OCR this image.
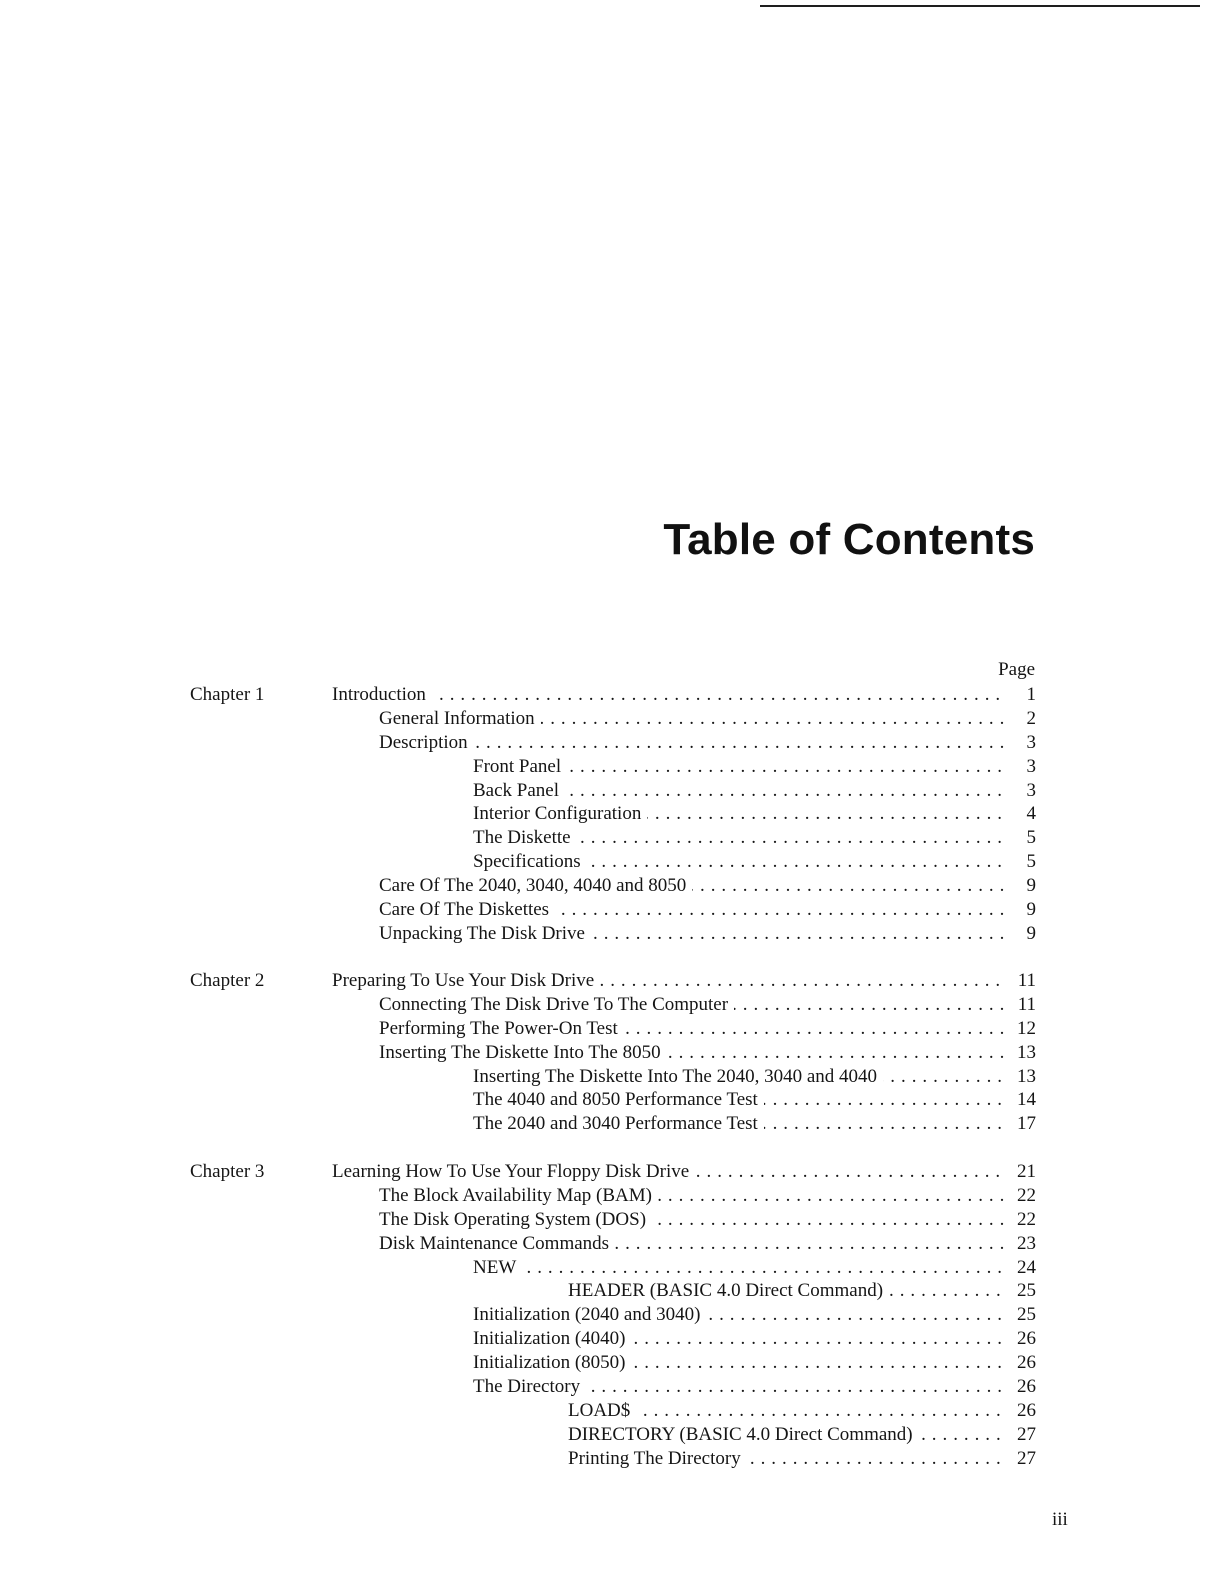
Table of Contents
Page
Chapter 1	Introduction . . .	1
General Information . . .	2
Description . . .	3
Front Panel . . .	3
Back Panel . . .	3
Interior Configuration . . .	4
The Diskette . . .	5
Specifications . . .	5
Care Of The 2040, 3040, 4040 and 8050 . . .	9
Care Of The Diskettes . . .	9
Unpacking The Disk Drive . . .	9
Chapter 2	Preparing To Use Your Disk Drive . . .	11
Connecting The Disk Drive To The Computer . . .	11
Performing The Power-On Test . . .	12
Inserting The Diskette Into The 8050 . . .	13
Inserting The Diskette Into The 2040, 3040 and 4040 . . .	13
The 4040 and 8050 Performance Test . . .	14
The 2040 and 3040 Performance Test . . .	17
Chapter 3	Learning How To Use Your Floppy Disk Drive . . .	21
The Block Availability Map (BAM) . . .	22
The Disk Operating System (DOS) . . .	22
Disk Maintenance Commands . . .	23
NEW . . .	24
HEADER (BASIC 4.0 Direct Command) . . .	25
Initialization (2040 and 3040) . . .	25
Initialization (4040) . . .	26
Initialization (8050) . . .	26
The Directory . . .	26
LOAD$ . . .	26
DIRECTORY (BASIC 4.0 Direct Command) . . .	27
Printing The Directory . . .	27
iii
